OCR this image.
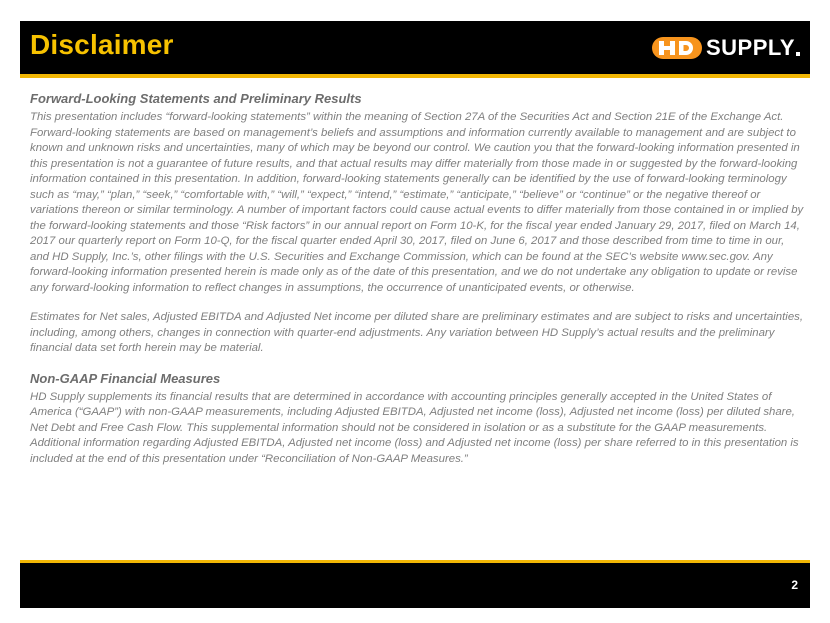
Disclaimer	SUPPLY
Forward-Looking Statements and Preliminary Results

This presentation includes “forward-looking statements” within the meaning of Section 27A of the Securities Act and Section 21E of the Exchange Act. Forward-looking statements are based on management’s beliefs and assumptions and information currently available to management and are subject to known and unknown risks and uncertainties, many of which may be beyond our control. We caution you that the forward-looking information presented in this presentation is not a guarantee of future results, and that actual results may differ materially from those made in or suggested by the forward-looking information contained in this presentation. In addition, forward-looking statements generally can be identified by the use of forward-looking terminology such as “may,” “plan,” “seek,” “comfortable with,” “will,” “expect,” “intend,” “estimate,” “anticipate,” “believe” or “continue” or the negative thereof or variations thereon or similar terminology. A number of important factors could cause actual events to differ materially from those contained in or implied by the forward-looking statements and those “Risk factors” in our annual report on Form 10-K, for the fiscal year ended January 29, 2017, filed on March 14, 2017 our quarterly report on Form 10-Q, for the fiscal quarter ended April 30, 2017, filed on June 6, 2017 and those described from time to time in our, and HD Supply, Inc.’s, other filings with the U.S. Securities and Exchange Commission, which can be found at the SEC’s website www.sec.gov. Any forward-looking information presented herein is made only as of the date of this presentation, and we do not undertake any obligation to update or revise any forward-looking information to reflect changes in assumptions, the occurrence of unanticipated events, or otherwise.

Estimates for Net sales, Adjusted EBITDA and Adjusted Net income per diluted share are preliminary estimates and are subject to risks and uncertainties, including, among others, changes in connection with quarter-end adjustments. Any variation between HD Supply’s actual results and the preliminary financial data set forth herein may be material.

Non-GAAP Financial Measures

HD Supply supplements its financial results that are determined in accordance with accounting principles generally accepted in the United States of America (“GAAP”) with non-GAAP measurements, including Adjusted EBITDA, Adjusted net income (loss), Adjusted net income (loss) per diluted share, Net Debt and Free Cash Flow. This supplemental information should not be considered in isolation or as a substitute for the GAAP measurements. Additional information regarding Adjusted EBITDA, Adjusted net income (loss) and Adjusted net income (loss) per share referred to in this presentation is included at the end of this presentation under “Reconciliation of Non-GAAP Measures.”

2
